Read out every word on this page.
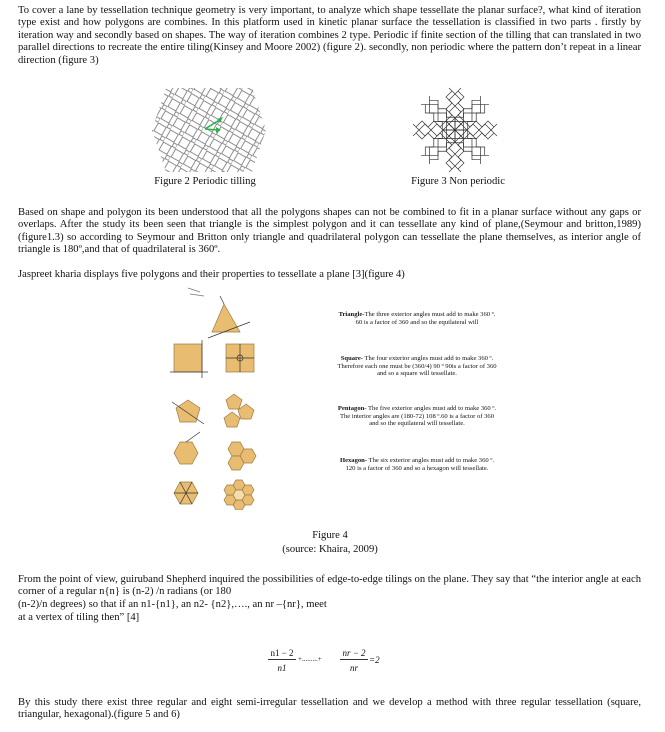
To cover a lane by tessellation technique geometry is very important, to analyze which shape tessellate the planar surface?, what kind of iteration type exist and how polygons are combines. In this platform used in kinetic planar surface the tessellation is classified in two parts . firstly by iteration way and secondly based on shapes. The way of iteration combines 2 type. Periodic if finite section of the tilling that can translated in two parallel directions to recreate the entire tiling(Kinsey and Moore 2002) (figure 2). secondly, non periodic where the pattern don’t repeat in a linear direction (figure 3)

Figure 2 Periodic tilling	Figure 3 Non periodic

Based on shape and polygon its been understood that all the polygons shapes can not be combined to fit in a planar surface without any gaps or overlaps. After the study its been seen that triangle is the simplest polygon and it can tessellate any kind of plane,(Seymour and britton,1989)(figure1.3) so according to Seymour and Britton only triangle and quadrilateral polygon can tessellate the plane themselves, as interior angle of triangle is 180º,and that of quadrilateral is 360º.

Jaspreet kharia displays five polygons and their properties to tessellate a plane [3](figure 4)

Triangle-The three exterior angles must add to make 360 º. 60 is a factor of 360 and so the equilateral will

Square- The four exterior angles must add to make 360 º. Therefore each one must be (360/4) 90 º 90is a factor of 360 and so a square will tessellate.

Pentagon- The five exterior angles must add to make 360 º. The interior angles are (180-72) 108 º.60 is a factor of 360 and so the equilateral will tessellate.

Hexagon- The six exterior angles must add to make 360 º. 120 is a factor of 360 and so a hexagon will tessellate.

Figure 4

(source: Khaira, 2009)

From the point of view, guiruband Shepherd inquired the possibilities of edge-to-edge tilings on the plane. They say that “the interior angle at each corner of a regular n{n} is (n-2) /n radians (or 180

(n-2)/n degrees) so that if an n1-{n1}, an n2- {n2},…., an nr –{nr}, meet

at a vertex of tiling then” [4]

$\frac{n1 - 2}{n1}$ +.........+ $\frac{nr - 2}{nr} =2$

By this study there exist three regular and eight semi-irregular tessellation and we develop a method with three regular tessellation (square, triangular, hexagonal).(figure 5 and 6)
